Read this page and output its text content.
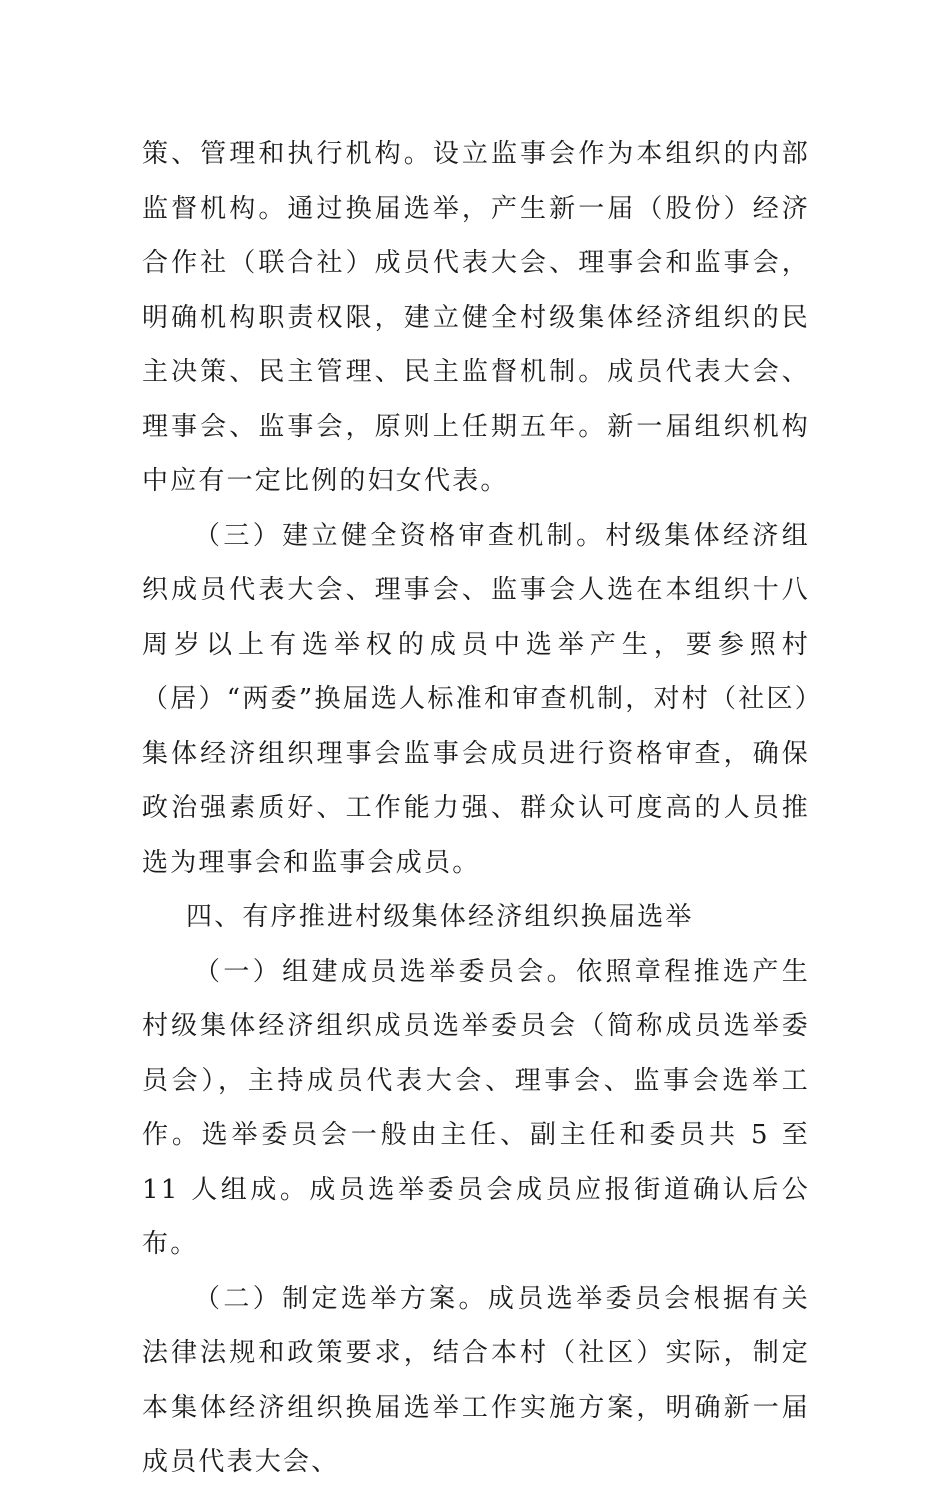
策、管理和执行机构。设立监事会作为本组织的内部监督机构。通过换届选举，产生新一届（股份）经济合作社（联合社）成员代表大会、理事会和监事会，明确机构职责权限，建立健全村级集体经济组织的民主决策、民主管理、民主监督机制。成员代表大会、理事会、监事会，原则上任期五年。新一届组织机构中应有一定比例的妇女代表。

（三）建立健全资格审查机制。村级集体经济组织成员代表大会、理事会、监事会人选在本组织十八周岁以上有选举权的成员中选举产生，要参照村（居）“两委”换届选人标准和审查机制，对村（社区）集体经济组织理事会监事会成员进行资格审查，确保政治强素质好、工作能力强、群众认可度高的人员推选为理事会和监事会成员。

四、有序推进村级集体经济组织换届选举

（一）组建成员选举委员会。依照章程推选产生村级集体经济组织成员选举委员会（简称成员选举委员会），主持成员代表大会、理事会、监事会选举工作。选举委员会一般由主任、副主任和委员共 5 至 11 人组成。成员选举委员会成员应报街道确认后公布。

（二）制定选举方案。成员选举委员会根据有关法律法规和政策要求，结合本村（社区）实际，制定本集体经济组织换届选举工作实施方案，明确新一届成员代表大会、
